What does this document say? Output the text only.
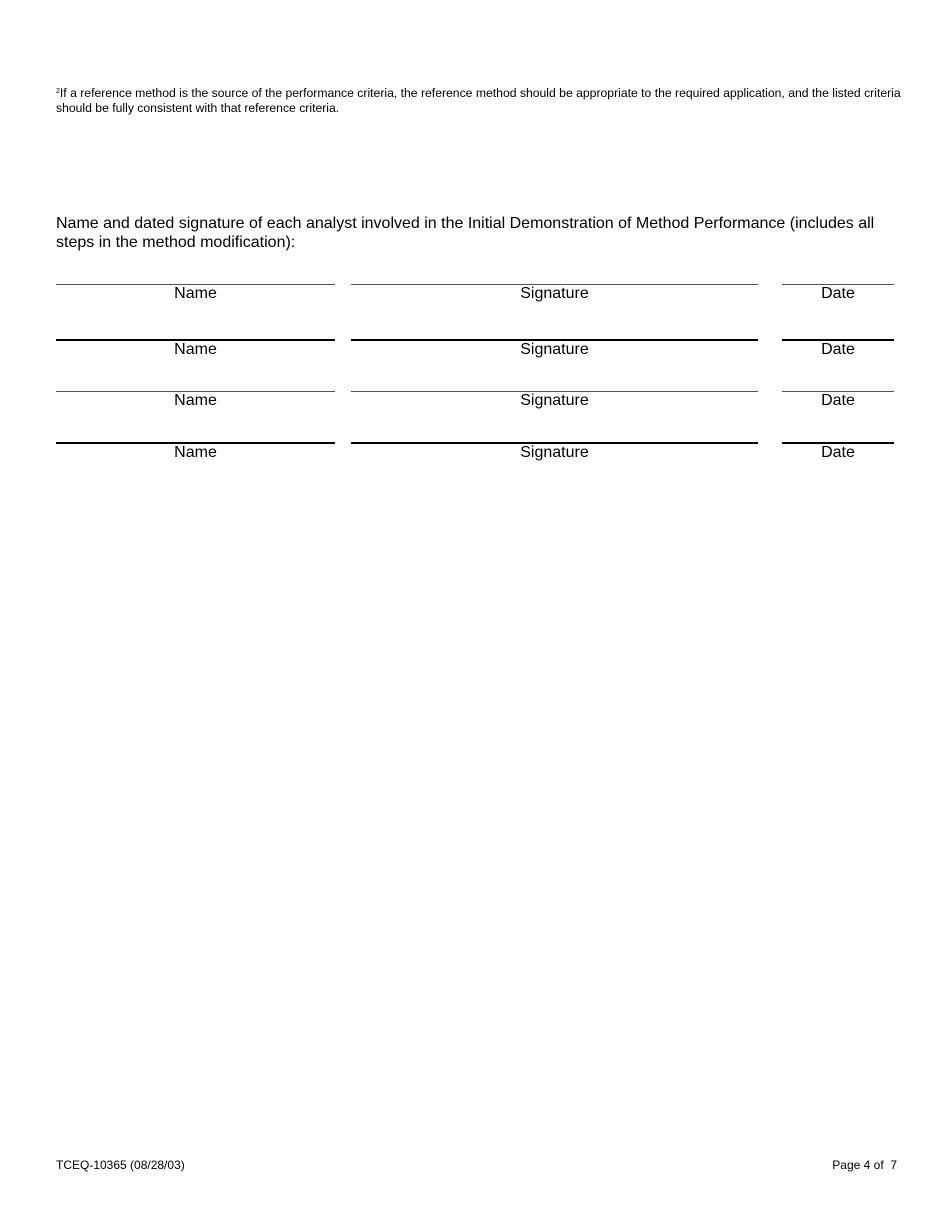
$^2$If a reference method is the source of the performance criteria, the reference method should be appropriate to the required application, and the listed criteria should be fully consistent with that reference criteria.
Name and dated signature of each analyst involved in the Initial Demonstration of Method Performance (includes all steps in the method modification):
Name	Signature	Date
Name	Signature	Date
Name	Signature	Date
Name	Signature	Date
TCEQ-10365 (08/28/03)	Page 4 of  7
